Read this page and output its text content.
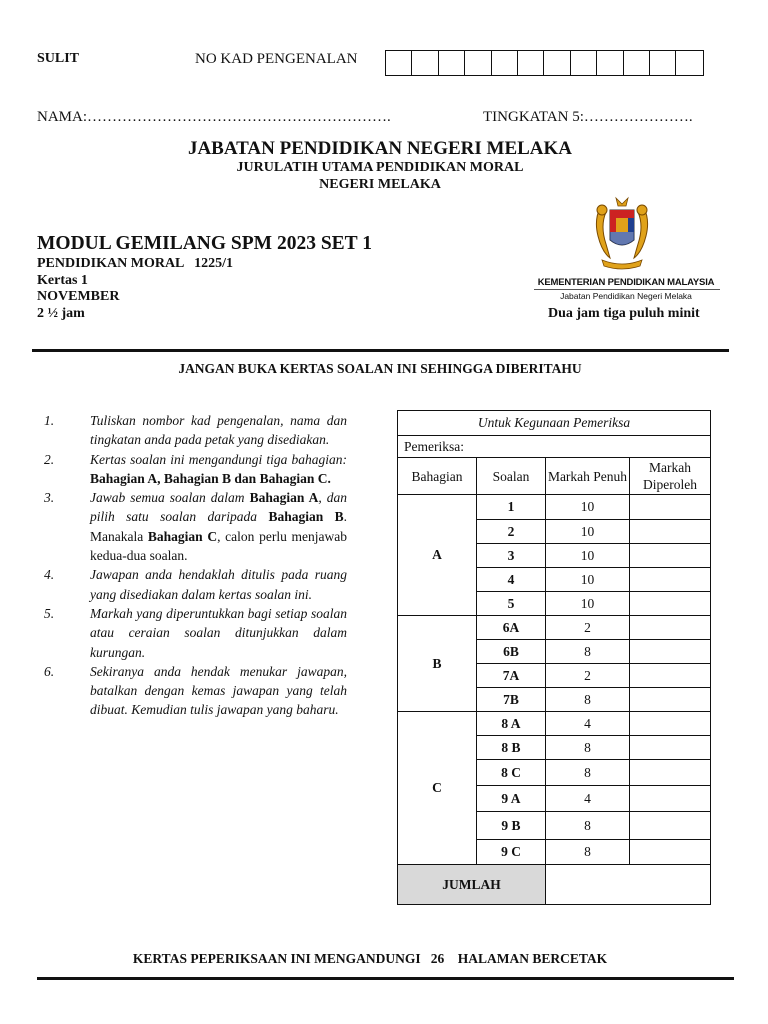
SULIT	NO KAD PENGENALAN
NAMA:…………………………………………………….	TINGKATAN 5:………………….
JABATAN PENDIDIKAN NEGERI MELAKA
JURULATIH UTAMA PENDIDIKAN MORAL
NEGERI MELAKA
MODUL GEMILANG SPM 2023 SET 1
PENDIDIKAN MORAL   1225/1
Kertas 1
NOVEMBER
2 ½ jam	Dua jam tiga puluh minit
KEMENTERIAN PENDIDIKAN MALAYSIA
Jabatan Pendidikan Negeri Melaka
JANGAN BUKA KERTAS SOALAN INI SEHINGGA DIBERITAHU
1.	Tuliskan nombor kad pengenalan, nama dan tingkatan anda pada petak yang disediakan.
2.	Kertas soalan ini mengandungi tiga bahagian: Bahagian A, Bahagian B dan Bahagian C.
3.	Jawab semua soalan dalam Bahagian A, dan pilih satu soalan daripada Bahagian B. Manakala Bahagian C, calon perlu menjawab kedua-dua soalan.
4.	Jawapan anda hendaklah ditulis pada ruang yang disediakan dalam kertas soalan ini.
5.	Markah yang diperuntukkan bagi setiap soalan atau ceraian soalan ditunjukkan dalam kurungan.
6.	Sekiranya anda hendak menukar jawapan, batalkan dengan kemas jawapan yang telah dibuat. Kemudian tulis jawapan yang baharu.
Untuk Kegunaan Pemeriksa			
Pemeriksa:			
Bahagian	Soalan	Markah Penuh	Markah Diperoleh
A	1	10	
	2	10	
	3	10	
	4	10	
	5	10	
B	6A	2	
	6B	8	
	7A	2	
	7B	8	
C	8 A	4	
	8 B	8	
	8 C	8	
	9 A	4	
	9 B	8	
	9 C	8	
JUMLAH			
KERTAS PEPERIKSAAN INI MENGANDUNGI   26    HALAMAN BERCETAK
